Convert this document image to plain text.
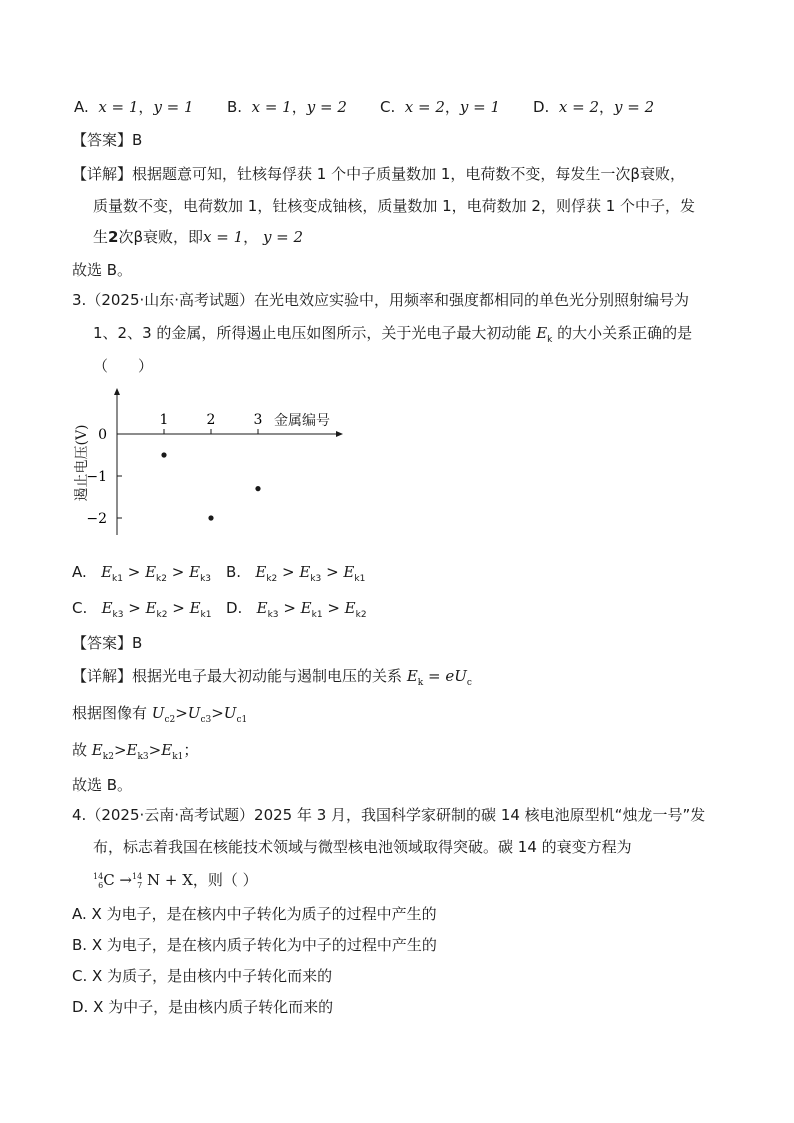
A. x = 1，y = 1 B. x = 1，y = 2 C. x = 2，y = 1 D. x = 2，y = 2
【答案】B
【详解】根据题意可知，钍核每俘获 1 个中子质量数加 1，电荷数不变，每发生一次β衰败，
质量数不变，电荷数加 1，钍核变成铀核，质量数加 1，电荷数加 2，则俘获 1 个中子，发
生2次β衰败，即x = 1， y = 2
故选 B。
3.（2025·山东·高考试题）在光电效应实验中，用频率和强度都相同的单色光分别照射编号为
1、2、3 的金属，所得遏止电压如图所示，关于光电子最大初动能 $E_k$ 的大小关系正确的是
（　　）
0
−1
−2
1	2	3 金属编号
遏止电压(V)
A. $E_{k1} > E_{k2} > E_{k3}$ B. $E_{k2} > E_{k3} > E_{k1}$
C. $E_{k3} > E_{k2} > E_{k1}$ D. $E_{k3} > E_{k1} > E_{k2}$
【答案】B
【详解】根据光电子最大初动能与遏制电压的关系 $E_k = eU_c$
根据图像有 $U_{c2}>U_{c3}>U_{c1}$
故 $E_{k2}>E_{k3}>E_{k1}$；
故选 B。
4.（2025·云南·高考试题）2025 年 3 月，我国科学家研制的碳 14 核电池原型机“烛龙一号”发
布，标志着我国在核能技术领域与微型核电池领域取得突破。碳 14 的衰变方程为
14
6C →14
7 N + X，则（ ）
A. X 为电子，是在核内中子转化为质子的过程中产生的
B. X 为电子，是在核内质子转化为中子的过程中产生的
C. X 为质子，是由核内中子转化而来的
D. X 为中子，是由核内质子转化而来的
